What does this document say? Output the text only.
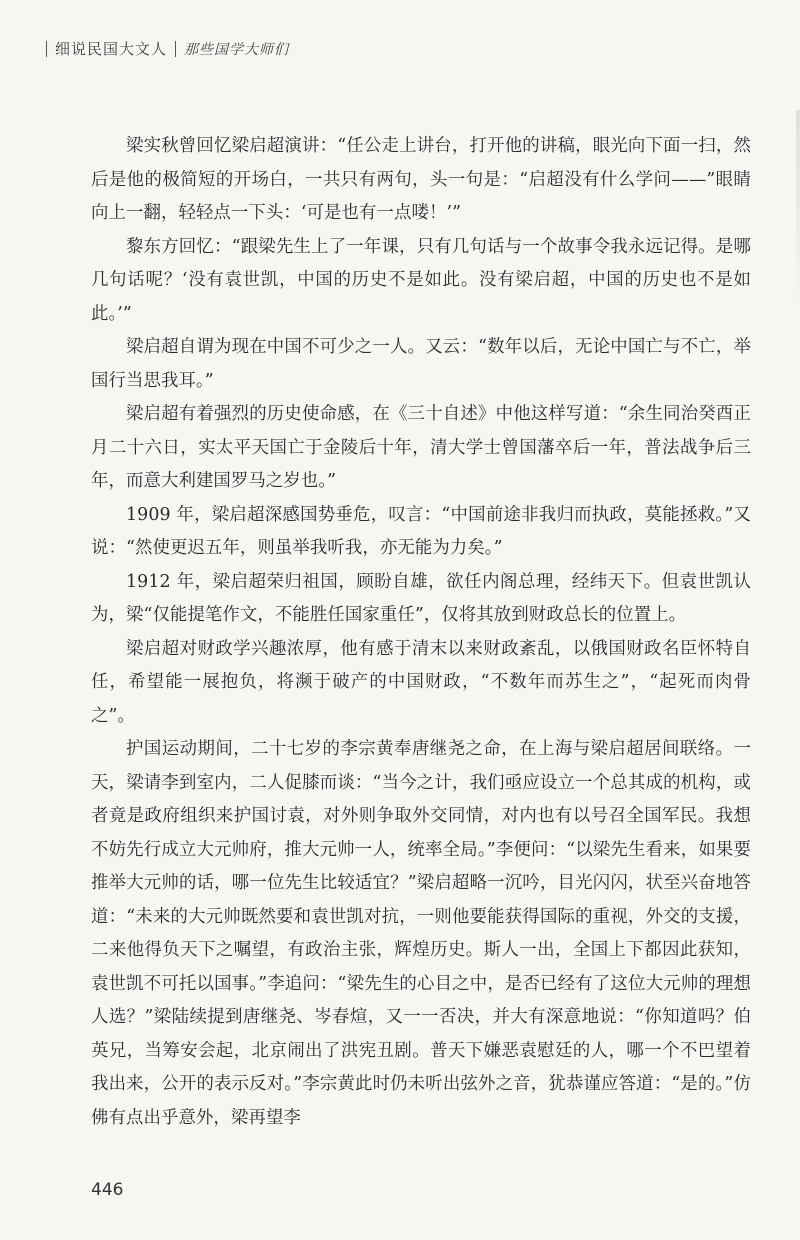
细说民国大文人 那些国学大师们

梁实秋曾回忆梁启超演讲：“任公走上讲台，打开他的讲稿，眼光向下面一扫，然后是他的极简短的开场白，一共只有两句，头一句是：“启超没有什么学问——”眼睛向上一翻，轻轻点一下头：‘可是也有一点喽！’”

黎东方回忆：“跟梁先生上了一年课，只有几句话与一个故事令我永远记得。是哪几句话呢？‘没有袁世凯，中国的历史不是如此。没有梁启超，中国的历史也不是如此。’”

梁启超自谓为现在中国不可少之一人。又云：“数年以后，无论中国亡与不亡，举国行当思我耳。”

梁启超有着强烈的历史使命感，在《三十自述》中他这样写道：“余生同治癸酉正月二十六日，实太平天国亡于金陵后十年，清大学士曾国藩卒后一年，普法战争后三年，而意大利建国罗马之岁也。”

1909 年，梁启超深感国势垂危，叹言：“中国前途非我归而执政，莫能拯救。”又说：“然使更迟五年，则虽举我听我，亦无能为力矣。”

1912 年，梁启超荣归祖国，顾盼自雄，欲任内阁总理，经纬天下。但袁世凯认为，梁“仅能提笔作文，不能胜任国家重任”，仅将其放到财政总长的位置上。

梁启超对财政学兴趣浓厚，他有感于清末以来财政紊乱，以俄国财政名臣怀特自任，希望能一展抱负，将濒于破产的中国财政，“不数年而苏生之”，“起死而肉骨之”。

护国运动期间，二十七岁的李宗黄奉唐继尧之命，在上海与梁启超居间联络。一天，梁请李到室内，二人促膝而谈：“当今之计，我们亟应设立一个总其成的机构，或者竟是政府组织来护国讨袁，对外则争取外交同情，对内也有以号召全国军民。我想不妨先行成立大元帅府，推大元帅一人，统率全局。”李便问：“以梁先生看来，如果要推举大元帅的话，哪一位先生比较适宜？”梁启超略一沉吟，目光闪闪，状至兴奋地答道：“未来的大元帅既然要和袁世凯对抗，一则他要能获得国际的重视，外交的支援，二来他得负天下之嘱望，有政治主张，辉煌历史。斯人一出，全国上下都因此获知，袁世凯不可托以国事。”李追问：“梁先生的心目之中，是否已经有了这位大元帅的理想人选？”梁陆续提到唐继尧、岑春煊，又一一否决，并大有深意地说：“你知道吗？伯英兄，当筹安会起，北京闹出了洪宪丑剧。普天下嫌恶袁慰廷的人，哪一个不巴望着我出来，公开的表示反对。”李宗黄此时仍未听出弦外之音，犹恭谨应答道：“是的。”仿佛有点出乎意外，梁再望李

446
